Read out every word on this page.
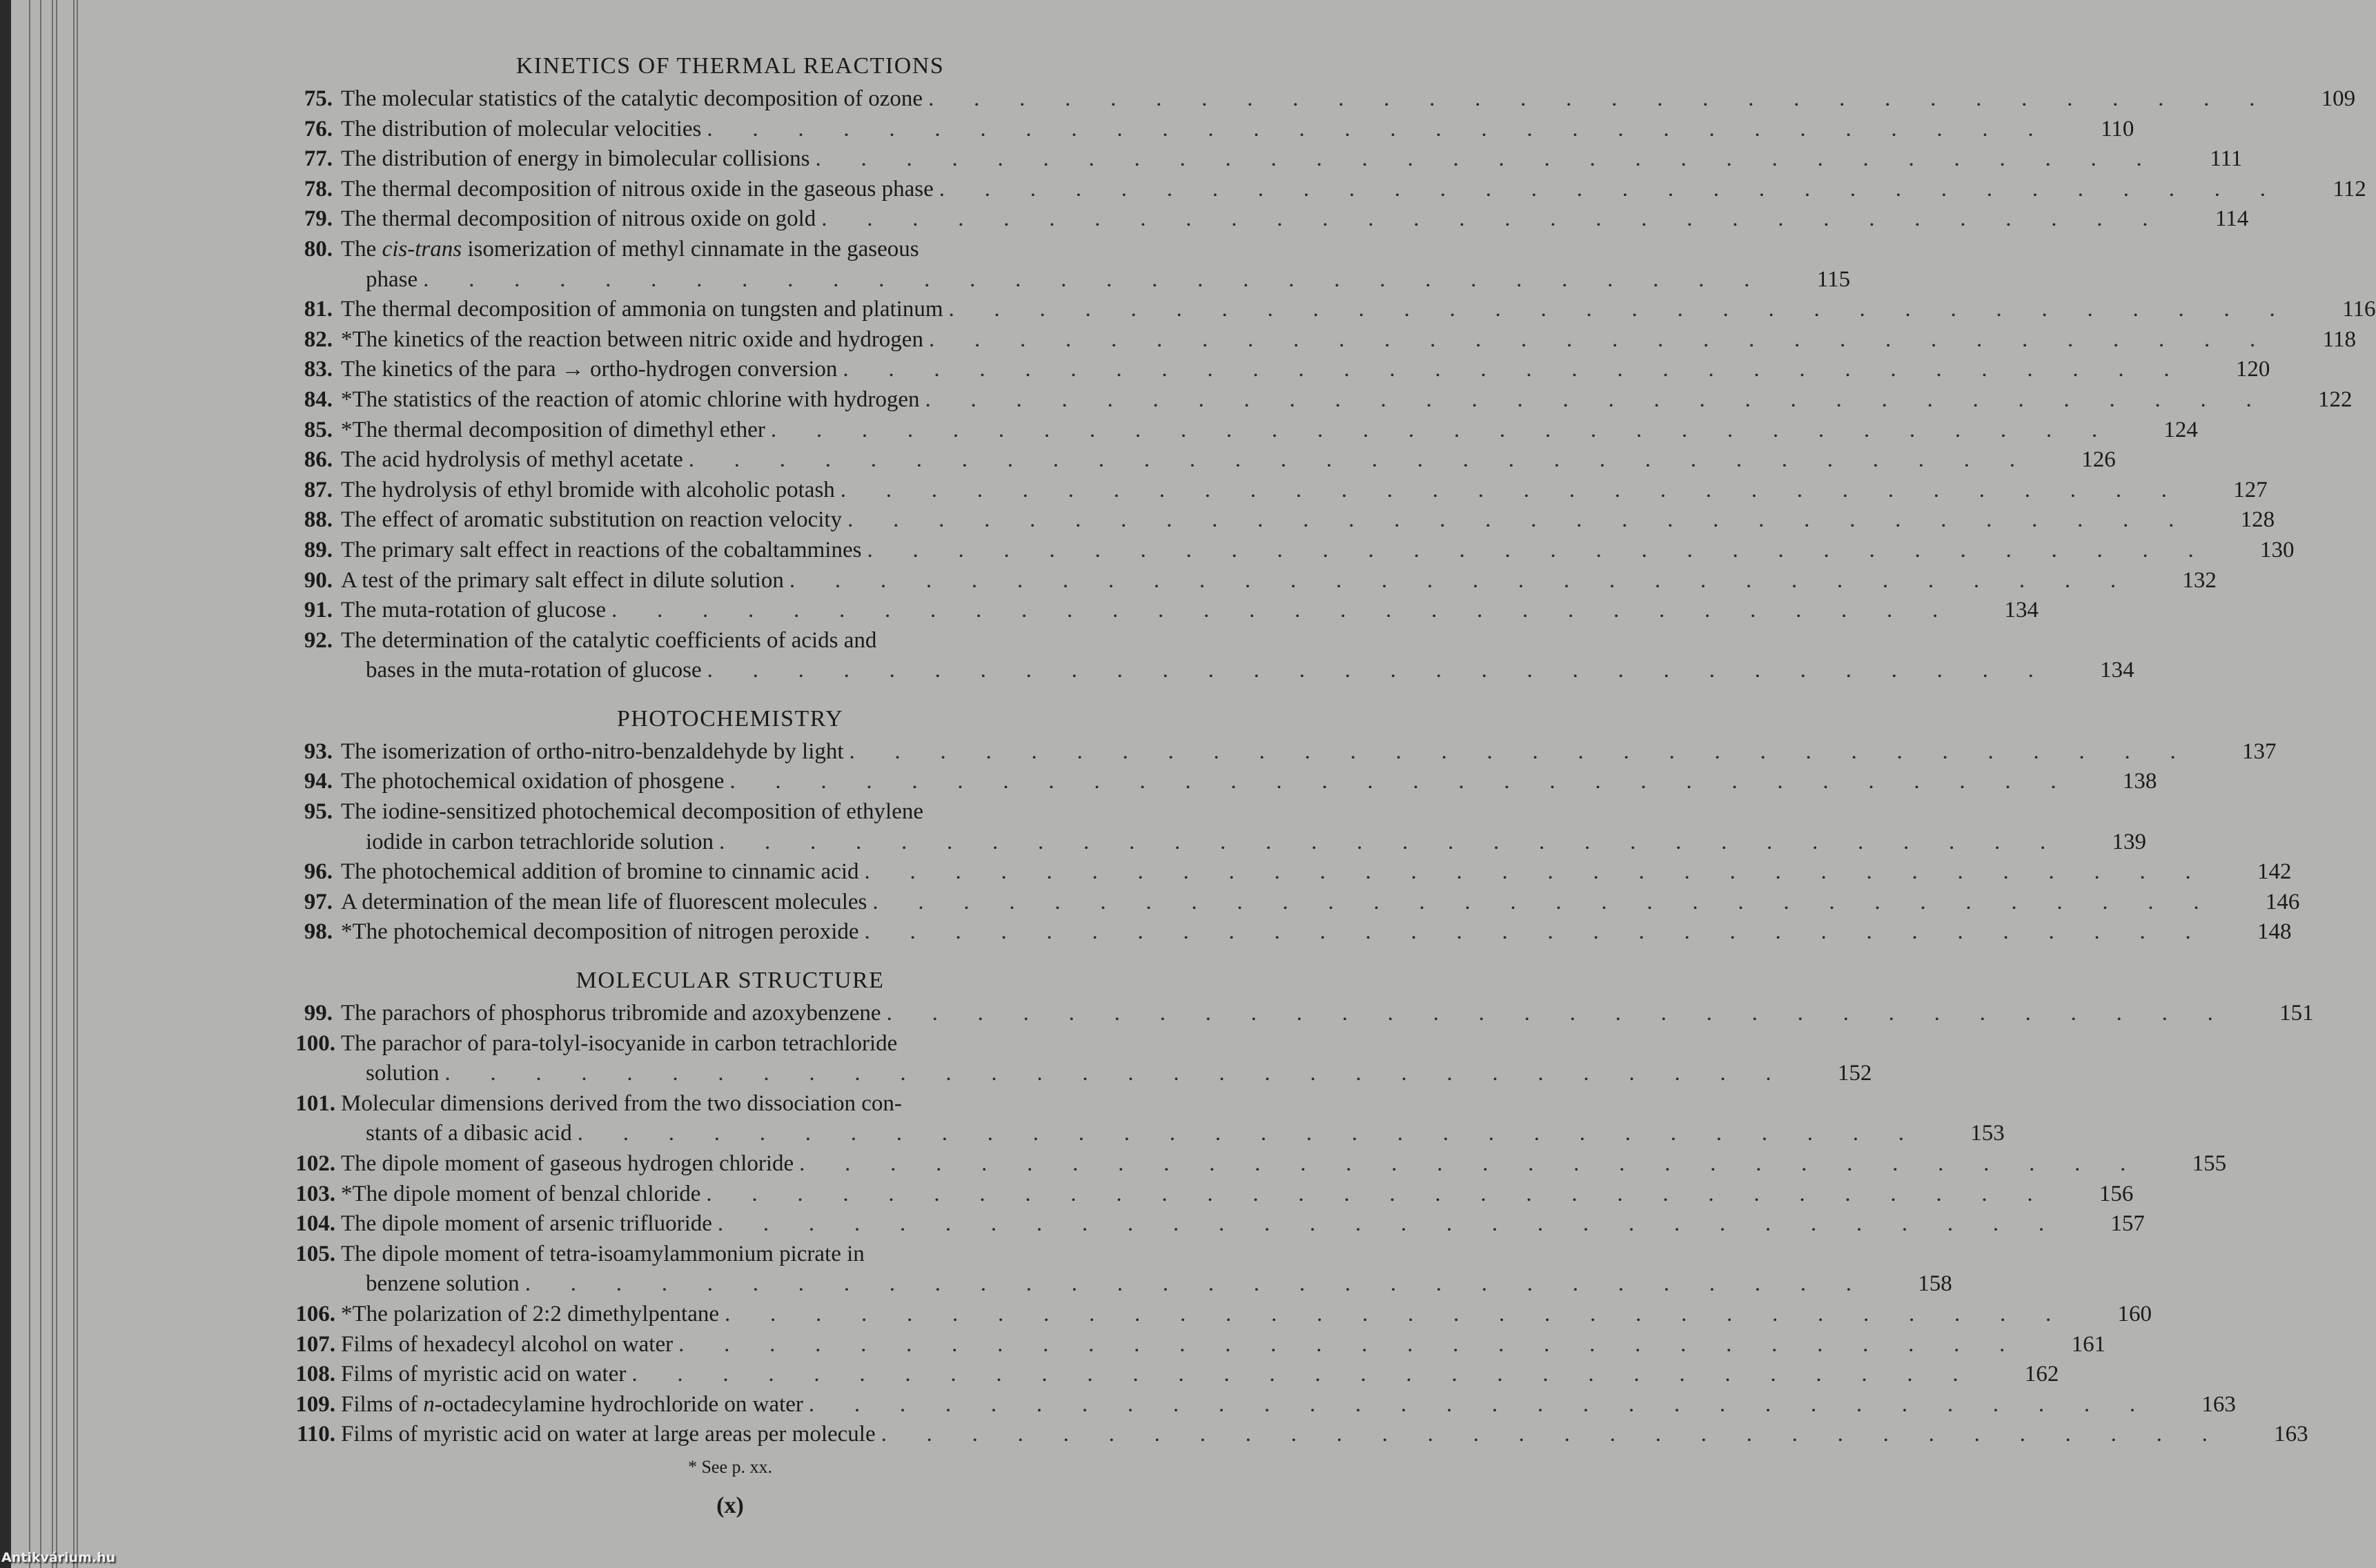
KINETICS OF THERMAL REACTIONS
75. The molecular statistics of the catalytic decomposition of ozone .       .       .       .       .       .       .       .       .       .       .       .       .       .       .       .       .       .       .       .       .       .       .       .       .       .       .       .       .       .	109
76. The distribution of molecular velocities .       .       .       .       .       .       .       .       .       .       .       .       .       .       .       .       .       .       .       .       .       .       .       .       .       .       .       .       .       .	110
77. The distribution of energy in bimolecular collisions .       .       .       .       .       .       .       .       .       .       .       .       .       .       .       .       .       .       .       .       .       .       .       .       .       .       .       .       .       .	111
78. The thermal decomposition of nitrous oxide in the gaseous phase .       .       .       .       .       .       .       .       .       .       .       .       .       .       .       .       .       .       .       .       .       .       .       .       .       .       .       .       .       .	112
79. The thermal decomposition of nitrous oxide on gold .       .       .       .       .       .       .       .       .       .       .       .       .       .       .       .       .       .       .       .       .       .       .       .       .       .       .       .       .       .	114
80. The cis-trans isomerization of methyl cinnamate in the gaseous
phase .       .       .       .       .       .       .       .       .       .       .       .       .       .       .       .       .       .       .       .       .       .       .       .       .       .       .       .       .       .	115
81. The thermal decomposition of ammonia on tungsten and platinum .       .       .       .       .       .       .       .       .       .       .       .       .       .       .       .       .       .       .       .       .       .       .       .       .       .       .       .       .       .	116
82. *The kinetics of the reaction between nitric oxide and hydrogen .       .       .       .       .       .       .       .       .       .       .       .       .       .       .       .       .       .       .       .       .       .       .       .       .       .       .       .       .       .	118
83. The kinetics of the para → ortho-hydrogen conversion .       .       .       .       .       .       .       .       .       .       .       .       .       .       .       .       .       .       .       .       .       .       .       .       .       .       .       .       .       .	120
84. *The statistics of the reaction of atomic chlorine with hydrogen .       .       .       .       .       .       .       .       .       .       .       .       .       .       .       .       .       .       .       .       .       .       .       .       .       .       .       .       .       .	122
85. *The thermal decomposition of dimethyl ether .       .       .       .       .       .       .       .       .       .       .       .       .       .       .       .       .       .       .       .       .       .       .       .       .       .       .       .       .       .	124
86. The acid hydrolysis of methyl acetate .       .       .       .       .       .       .       .       .       .       .       .       .       .       .       .       .       .       .       .       .       .       .       .       .       .       .       .       .       .	126
87. The hydrolysis of ethyl bromide with alcoholic potash .       .       .       .       .       .       .       .       .       .       .       .       .       .       .       .       .       .       .       .       .       .       .       .       .       .       .       .       .       .	127
88. The effect of aromatic substitution on reaction velocity .       .       .       .       .       .       .       .       .       .       .       .       .       .       .       .       .       .       .       .       .       .       .       .       .       .       .       .       .       .	128
89. The primary salt effect in reactions of the cobaltammines .       .       .       .       .       .       .       .       .       .       .       .       .       .       .       .       .       .       .       .       .       .       .       .       .       .       .       .       .       .	130
90. A test of the primary salt effect in dilute solution .       .       .       .       .       .       .       .       .       .       .       .       .       .       .       .       .       .       .       .       .       .       .       .       .       .       .       .       .       .	132
91. The muta-rotation of glucose .       .       .       .       .       .       .       .       .       .       .       .       .       .       .       .       .       .       .       .       .       .       .       .       .       .       .       .       .       .	134
92. The determination of the catalytic coefficients of acids and
bases in the muta-rotation of glucose .       .       .       .       .       .       .       .       .       .       .       .       .       .       .       .       .       .       .       .       .       .       .       .       .       .       .       .       .       .	134
PHOTOCHEMISTRY
93. The isomerization of ortho-nitro-benzaldehyde by light .       .       .       .       .       .       .       .       .       .       .       .       .       .       .       .       .       .       .       .       .       .       .       .       .       .       .       .       .       .	137
94. The photochemical oxidation of phosgene .       .       .       .       .       .       .       .       .       .       .       .       .       .       .       .       .       .       .       .       .       .       .       .       .       .       .       .       .       .	138
95. The iodine-sensitized photochemical decomposition of ethylene
iodide in carbon tetrachloride solution .       .       .       .       .       .       .       .       .       .       .       .       .       .       .       .       .       .       .       .       .       .       .       .       .       .       .       .       .       .	139
96. The photochemical addition of bromine to cinnamic acid .       .       .       .       .       .       .       .       .       .       .       .       .       .       .       .       .       .       .       .       .       .       .       .       .       .       .       .       .       .	142
97. A determination of the mean life of fluorescent molecules .       .       .       .       .       .       .       .       .       .       .       .       .       .       .       .       .       .       .       .       .       .       .       .       .       .       .       .       .       .	146
98. *The photochemical decomposition of nitrogen peroxide .       .       .       .       .       .       .       .       .       .       .       .       .       .       .       .       .       .       .       .       .       .       .       .       .       .       .       .       .       .	148
MOLECULAR STRUCTURE
99. The parachors of phosphorus tribromide and azoxybenzene .       .       .       .       .       .       .       .       .       .       .       .       .       .       .       .       .       .       .       .       .       .       .       .       .       .       .       .       .       .	151
100. The parachor of para-tolyl-isocyanide in carbon tetrachloride
solution .       .       .       .       .       .       .       .       .       .       .       .       .       .       .       .       .       .       .       .       .       .       .       .       .       .       .       .       .       .	152
101. Molecular dimensions derived from the two dissociation con-
stants of a dibasic acid .       .       .       .       .       .       .       .       .       .       .       .       .       .       .       .       .       .       .       .       .       .       .       .       .       .       .       .       .       .	153
102. The dipole moment of gaseous hydrogen chloride .       .       .       .       .       .       .       .       .       .       .       .       .       .       .       .       .       .       .       .       .       .       .       .       .       .       .       .       .       .	155
103. *The dipole moment of benzal chloride .       .       .       .       .       .       .       .       .       .       .       .       .       .       .       .       .       .       .       .       .       .       .       .       .       .       .       .       .       .	156
104. The dipole moment of arsenic trifluoride .       .       .       .       .       .       .       .       .       .       .       .       .       .       .       .       .       .       .       .       .       .       .       .       .       .       .       .       .       .	157
105. The dipole moment of tetra-isoamylammonium picrate in
benzene solution .       .       .       .       .       .       .       .       .       .       .       .       .       .       .       .       .       .       .       .       .       .       .       .       .       .       .       .       .       .	158
106. *The polarization of 2:2 dimethylpentane .       .       .       .       .       .       .       .       .       .       .       .       .       .       .       .       .       .       .       .       .       .       .       .       .       .       .       .       .       .	160
107. Films of hexadecyl alcohol on water .       .       .       .       .       .       .       .       .       .       .       .       .       .       .       .       .       .       .       .       .       .       .       .       .       .       .       .       .       .	161
108. Films of myristic acid on water .       .       .       .       .       .       .       .       .       .       .       .       .       .       .       .       .       .       .       .       .       .       .       .       .       .       .       .       .       .	162
109. Films of n-octadecylamine hydrochloride on water .       .       .       .       .       .       .       .       .       .       .       .       .       .       .       .       .       .       .       .       .       .       .       .       .       .       .       .       .       .	163
110. Films of myristic acid on water at large areas per molecule .       .       .       .       .       .       .       .       .       .       .       .       .       .       .       .       .       .       .       .       .       .       .       .       .       .       .       .       .       .	163
* See p. xx.
(x)
Antikvárium.hu
